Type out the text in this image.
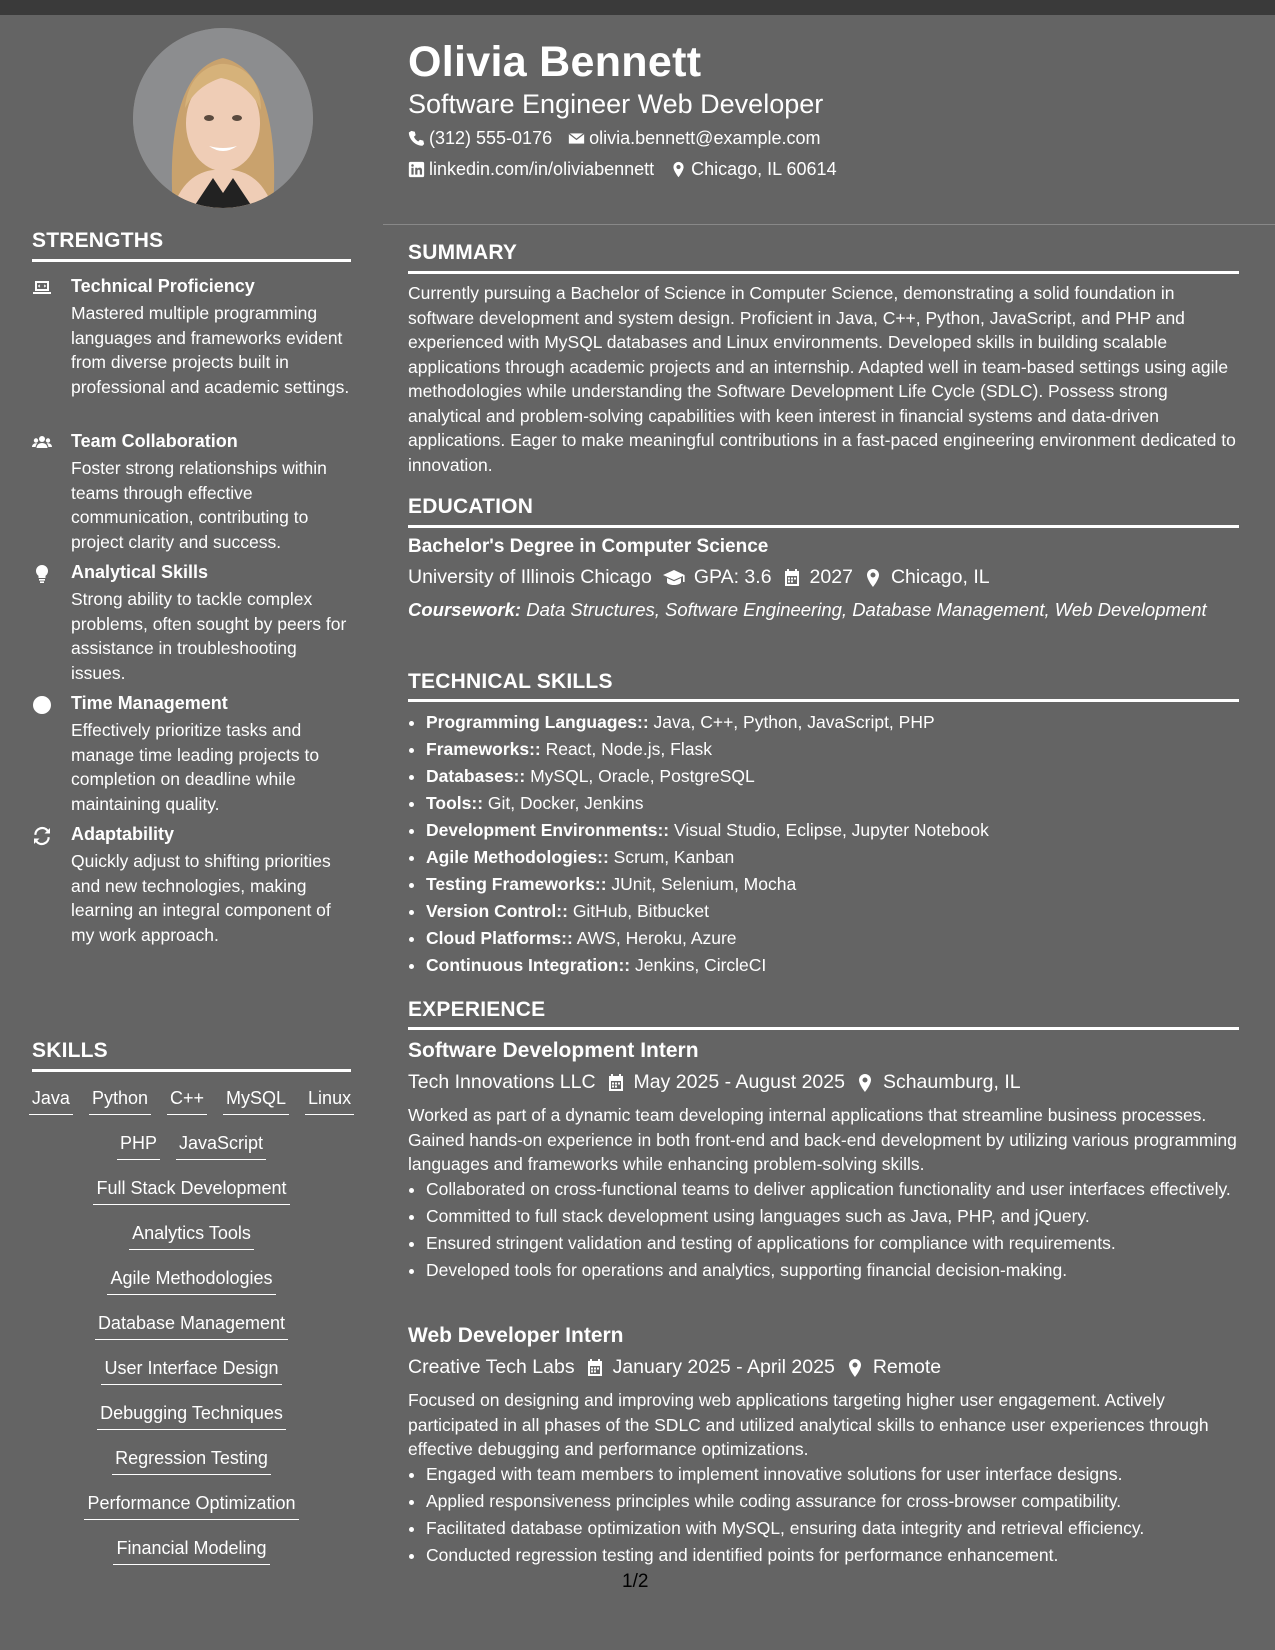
STRENGTHS
Technical Proficiency
Mastered multiple programming languages and frameworks evident from diverse projects built in professional and academic settings.
Team Collaboration
Foster strong relationships within teams through effective communication, contributing to project clarity and success.
Analytical Skills
Strong ability to tackle complex problems, often sought by peers for assistance in troubleshooting issues.
Time Management
Effectively prioritize tasks and manage time leading projects to completion on deadline while maintaining quality.
Adaptability
Quickly adjust to shifting priorities and new technologies, making learning an integral component of my work approach.
SKILLS
Java Python C++ MySQL Linux
PHP JavaScript
Full Stack Development
Analytics Tools
Agile Methodologies
Database Management
User Interface Design
Debugging Techniques
Regression Testing
Performance Optimization
Financial Modeling
Olivia Bennett
Software Engineer Web Developer
(312) 555-0176 olivia.bennett@example.com
linkedin.com/in/oliviabennett Chicago, IL 60614
SUMMARY
Currently pursuing a Bachelor of Science in Computer Science, demonstrating a solid foundation in software development and system design. Proficient in Java, C++, Python, JavaScript, and PHP and experienced with MySQL databases and Linux environments. Developed skills in building scalable applications through academic projects and an internship. Adapted well in team-based settings using agile methodologies while understanding the Software Development Life Cycle (SDLC). Possess strong analytical and problem-solving capabilities with keen interest in financial systems and data-driven applications. Eager to make meaningful contributions in a fast-paced engineering environment dedicated to innovation.
EDUCATION
Bachelor's Degree in Computer Science
University of Illinois Chicago GPA: 3.6 2027 Chicago, IL
Coursework: Data Structures, Software Engineering, Database Management, Web Development
TECHNICAL SKILLS
• Programming Languages:: Java, C++, Python, JavaScript, PHP
• Frameworks:: React, Node.js, Flask
• Databases:: MySQL, Oracle, PostgreSQL
• Tools:: Git, Docker, Jenkins
• Development Environments:: Visual Studio, Eclipse, Jupyter Notebook
• Agile Methodologies:: Scrum, Kanban
• Testing Frameworks:: JUnit, Selenium, Mocha
• Version Control:: GitHub, Bitbucket
• Cloud Platforms:: AWS, Heroku, Azure
• Continuous Integration:: Jenkins, CircleCI
EXPERIENCE
Software Development Intern
Tech Innovations LLC May 2025 - August 2025 Schaumburg, IL
Worked as part of a dynamic team developing internal applications that streamline business processes. Gained hands-on experience in both front-end and back-end development by utilizing various programming languages and frameworks while enhancing problem-solving skills.
• Collaborated on cross-functional teams to deliver application functionality and user interfaces effectively.
• Committed to full stack development using languages such as Java, PHP, and jQuery.
• Ensured stringent validation and testing of applications for compliance with requirements.
• Developed tools for operations and analytics, supporting financial decision-making.
Web Developer Intern
Creative Tech Labs January 2025 - April 2025 Remote
Focused on designing and improving web applications targeting higher user engagement. Actively participated in all phases of the SDLC and utilized analytical skills to enhance user experiences through effective debugging and performance optimizations.
• Engaged with team members to implement innovative solutions for user interface designs.
• Applied responsiveness principles while coding assurance for cross-browser compatibility.
• Facilitated database optimization with MySQL, ensuring data integrity and retrieval efficiency.
• Conducted regression testing and identified points for performance enhancement.
1/2
